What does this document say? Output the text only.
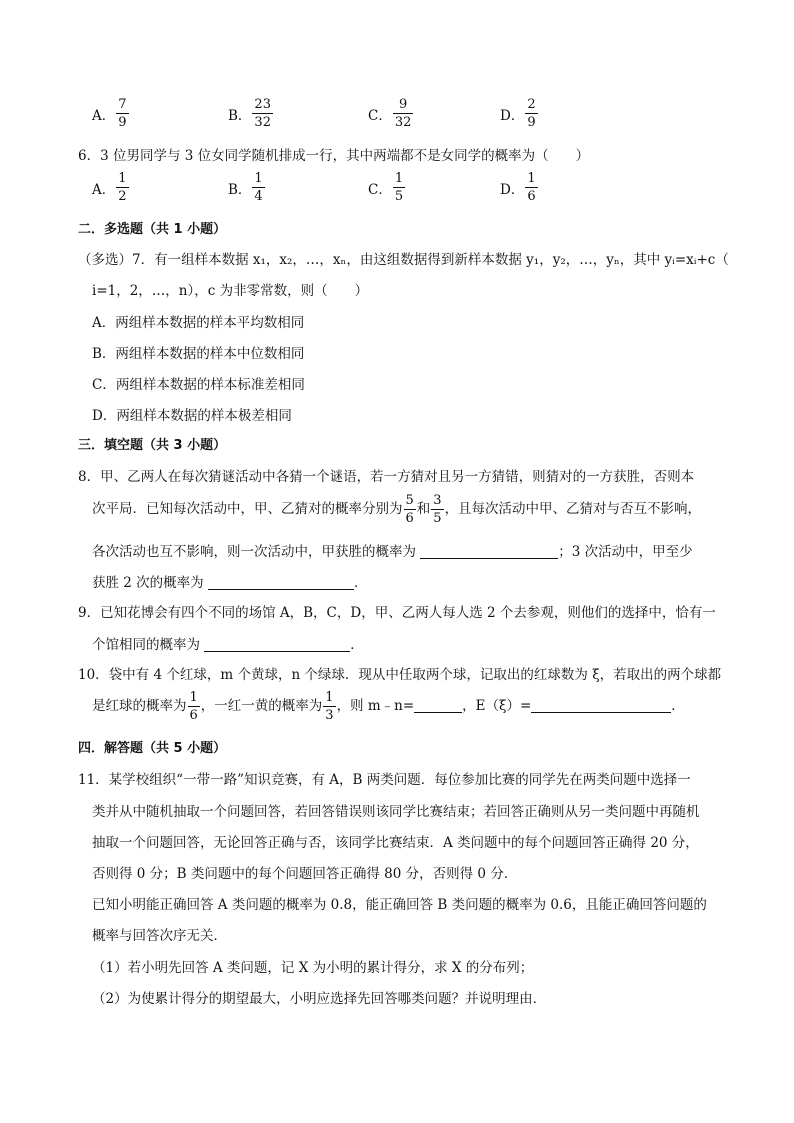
A． $\frac{7}{9}$	B． $\frac{23}{32}$	C． $\frac{9}{32}$	D． $\frac{2}{9}$
6．3 位男同学与 3 位女同学随机排成一行，其中两端都不是女同学的概率为（　　）
A． $\frac{1}{2}$	B． $\frac{1}{4}$	C． $\frac{1}{5}$	D． $\frac{1}{6}$
二．多选题（共 1 小题）
（多选）7．有一组样本数据 x₁，x₂，…，xₙ，由这组数据得到新样本数据 y₁，y₂，…，yₙ，其中 yᵢ=xᵢ+c（
i=1，2，…，n），c 为非零常数，则（　　）
A．两组样本数据的样本平均数相同
B．两组样本数据的样本中位数相同
C．两组样本数据的样本标准差相同
D．两组样本数据的样本极差相同
三．填空题（共 3 小题）
8．甲、乙两人在每次猜谜活动中各猜一个谜语，若一方猜对且另一方猜错，则猜对的一方获胜，否则本
次平局．已知每次活动中，甲、乙猜对的概率分别为 $\frac{5}{6}$ 和 $\frac{3}{5}$ ，且每次活动中甲、乙猜对与否互不影响，
各次活动也互不影响，则一次活动中，甲获胜的概率为	；3 次活动中，甲至少
获胜 2 次的概率为	．
9．已知花博会有四个不同的场馆 A，B，C，D，甲、乙两人每人选 2 个去参观，则他们的选择中，恰有一
个馆相同的概率为	．
10．袋中有 4 个红球，m 个黄球，n 个绿球．现从中任取两个球，记取出的红球数为 ξ，若取出的两个球都
是红球的概率为 $\frac{1}{6}$ ，一红一黄的概率为 $\frac{1}{3}$ ，则 m﹣n=	，E（ξ）=	．
四．解答题（共 5 小题）
11．某学校组织“一带一路”知识竞赛，有 A，B 两类问题．每位参加比赛的同学先在两类问题中选择一
类并从中随机抽取一个问题回答，若回答错误则该同学比赛结束；若回答正确则从另一类问题中再随机
抽取一个问题回答，无论回答正确与否，该同学比赛结束．A 类问题中的每个问题回答正确得 20 分，
否则得 0 分；B 类问题中的每个问题回答正确得 80 分，否则得 0 分．
已知小明能正确回答 A 类问题的概率为 0.8，能正确回答 B 类问题的概率为 0.6，且能正确回答问题的
概率与回答次序无关．
（1）若小明先回答 A 类问题，记 X 为小明的累计得分，求 X 的分布列；
（2）为使累计得分的期望最大，小明应选择先回答哪类问题？并说明理由．
